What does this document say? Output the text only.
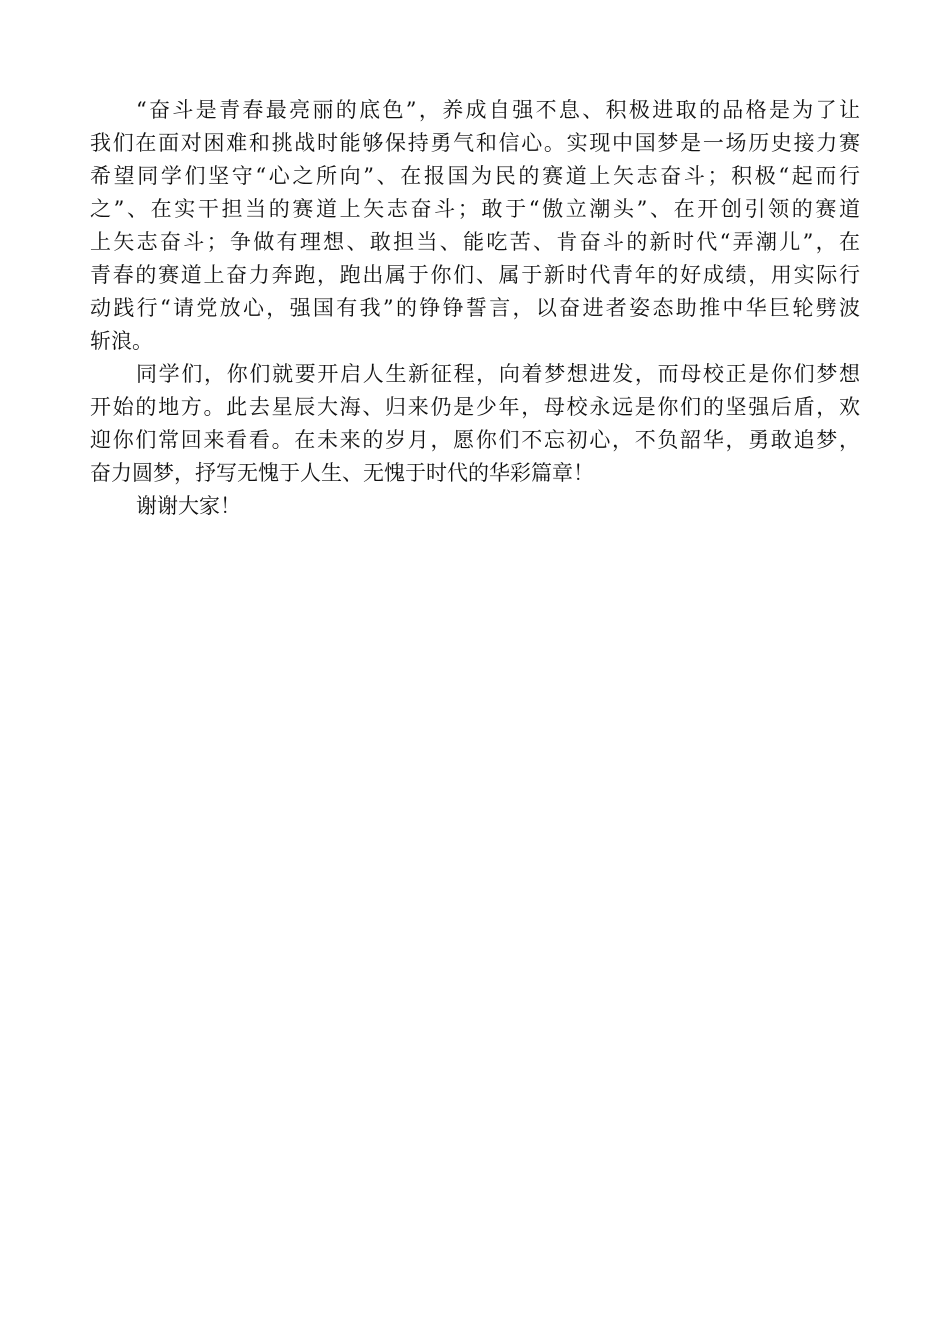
“奋斗是青春最亮丽的底色”，养成自强不息、积极进取的品格是为了让
我们在面对困难和挑战时能够保持勇气和信心。实现中国梦是一场历史接力赛
希望同学们坚守“心之所向”、在报国为民的赛道上矢志奋斗；积极“起而行
之”、在实干担当的赛道上矢志奋斗；敢于“傲立潮头”、在开创引领的赛道
上矢志奋斗；争做有理想、敢担当、能吃苦、肯奋斗的新时代“弄潮儿”，在
青春的赛道上奋力奔跑，跑出属于你们、属于新时代青年的好成绩，用实际行
动践行“请党放心，强国有我”的铮铮誓言，以奋进者姿态助推中华巨轮劈波
斩浪。
同学们，你们就要开启人生新征程，向着梦想进发，而母校正是你们梦想
开始的地方。此去星辰大海、归来仍是少年，母校永远是你们的坚强后盾，欢
迎你们常回来看看。在未来的岁月，愿你们不忘初心，不负韶华，勇敢追梦，
奋力圆梦，抒写无愧于人生、无愧于时代的华彩篇章！
谢谢大家！
